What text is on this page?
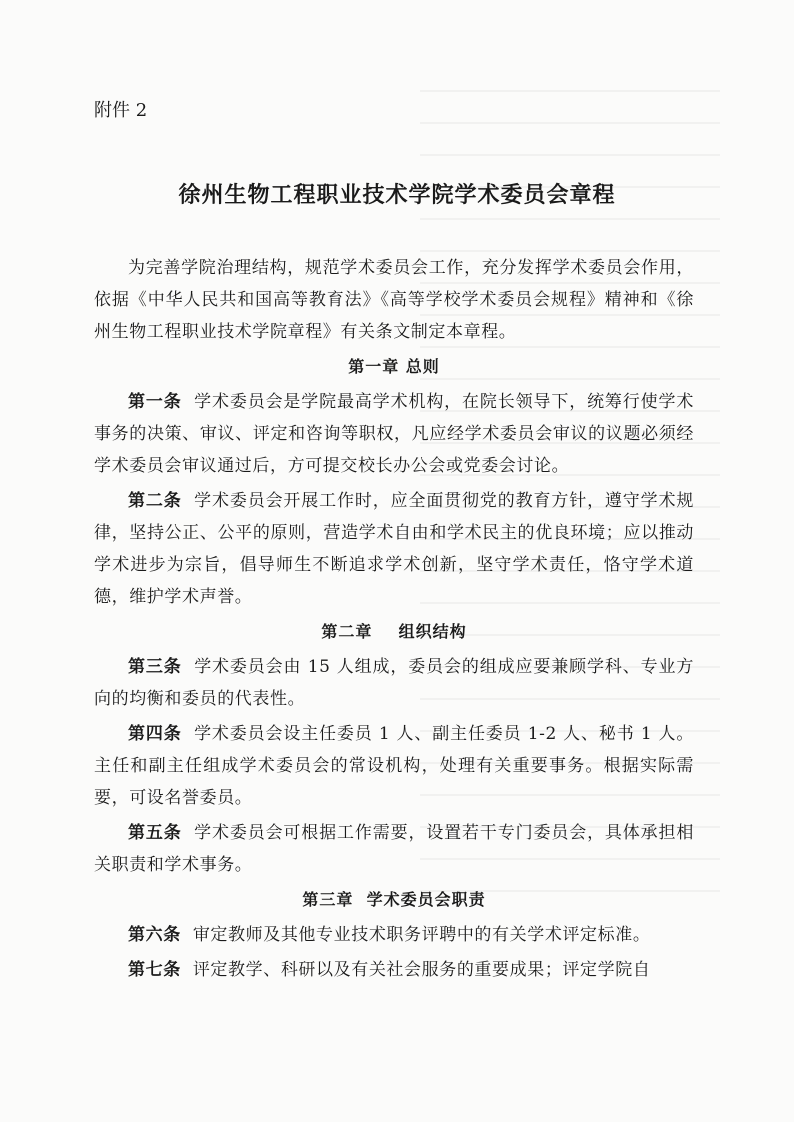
附件 2
徐州生物工程职业技术学院学术委员会章程

为完善学院治理结构，规范学术委员会工作，充分发挥学术委员会作用，依据《中华人民共和国高等教育法》《高等学校学术委员会规程》精神和《徐州生物工程职业技术学院章程》有关条文制定本章程。

第一章 总则

第一条 学术委员会是学院最高学术机构，在院长领导下，统筹行使学术事务的决策、审议、评定和咨询等职权，凡应经学术委员会审议的议题必须经学术委员会审议通过后，方可提交校长办公会或党委会讨论。

第二条 学术委员会开展工作时，应全面贯彻党的教育方针，遵守学术规律，坚持公正、公平的原则，营造学术自由和学术民主的优良环境；应以推动学术进步为宗旨，倡导师生不断追求学术创新，坚守学术责任，恪守学术道德，维护学术声誉。

第二章    组织结构

第三条 学术委员会由 15 人组成，委员会的组成应要兼顾学科、专业方向的均衡和委员的代表性。

第四条 学术委员会设主任委员 1 人、副主任委员 1-2 人、秘书 1 人。主任和副主任组成学术委员会的常设机构，处理有关重要事务。根据实际需要，可设名誉委员。

第五条 学术委员会可根据工作需要，设置若干专门委员会，具体承担相关职责和学术事务。

第三章  学术委员会职责

第六条 审定教师及其他专业技术职务评聘中的有关学术评定标准。

第七条 评定教学、科研以及有关社会服务的重要成果；评定学院自
